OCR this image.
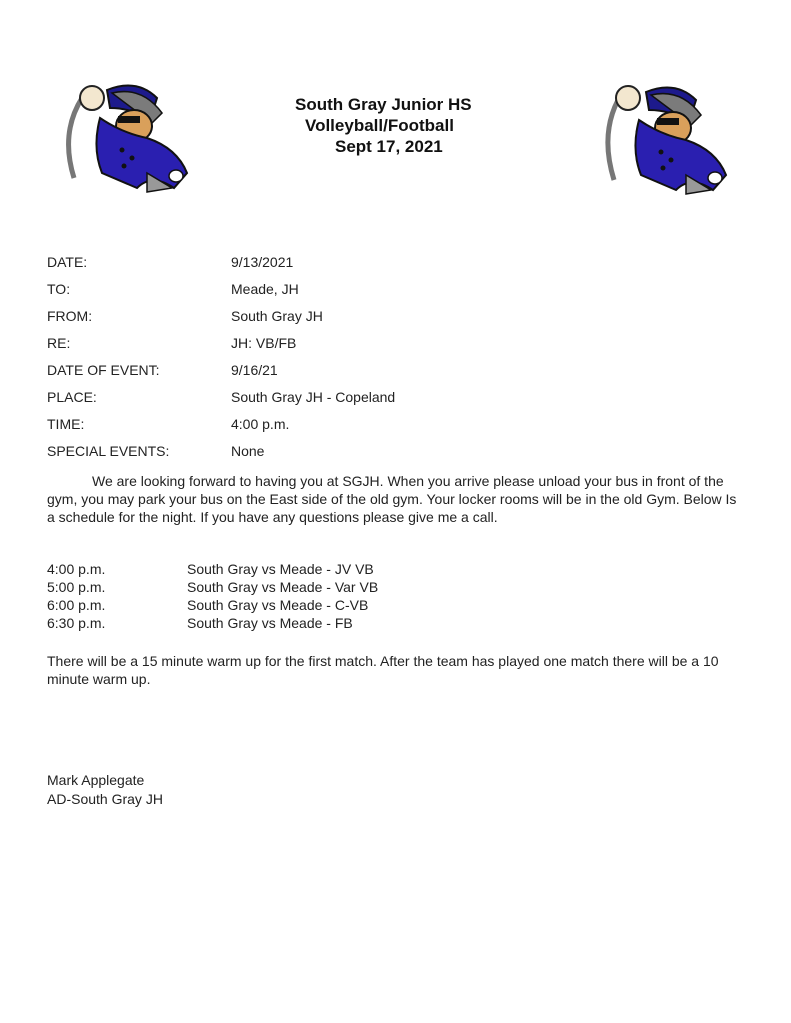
South Gray Junior HS
Volleyball/Football
Sept 17, 2021
DATE:	9/13/2021
TO:	Meade, JH
FROM:	South Gray JH
RE:	JH: VB/FB
DATE OF EVENT:	9/16/21
PLACE:	South Gray JH - Copeland
TIME:	4:00 p.m.
SPECIAL EVENTS:	None
We are looking forward to having you at SGJH. When you arrive please unload your bus in front of the gym, you may park your bus on the East side of the old gym. Your locker rooms will be in the old Gym. Below Is a schedule for the night. If you have any questions please give me a call.
4:00 p.m.	South Gray vs Meade - JV VB
5:00 p.m.	South Gray vs Meade - Var VB
6:00 p.m.	South Gray vs Meade - C-VB
6:30 p.m.	South Gray vs Meade - FB
There will be a 15 minute warm up for the first match. After the team has played one match there will be a 10 minute warm up.
Mark Applegate
AD-South Gray JH
